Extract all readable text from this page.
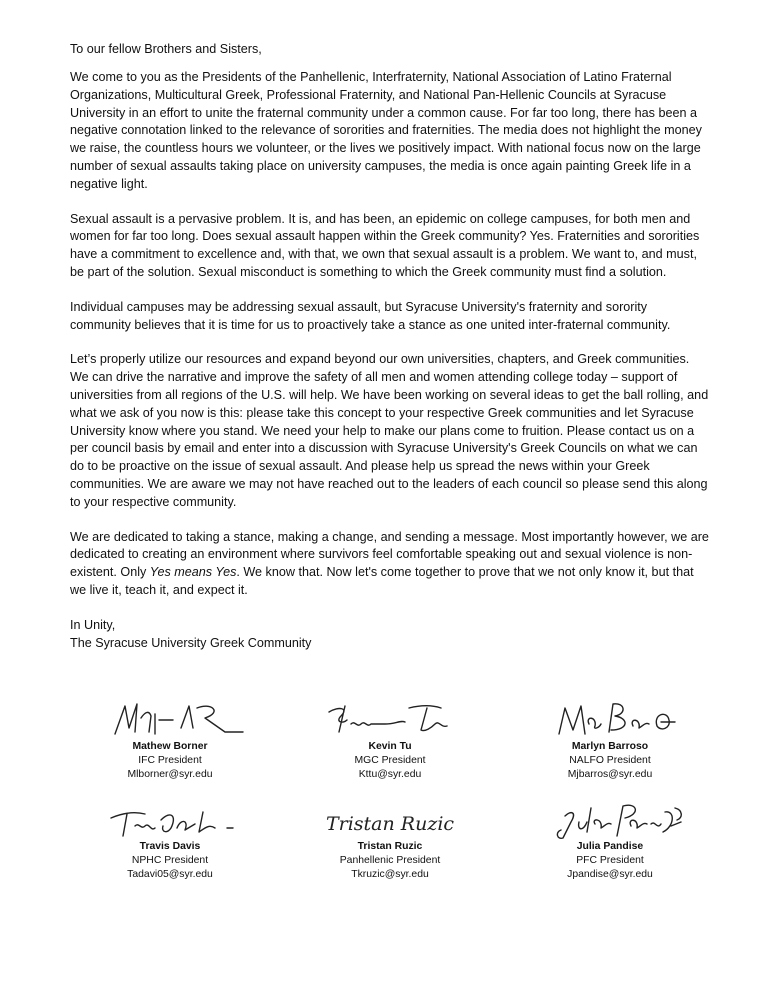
To our fellow Brothers and Sisters,

We come to you as the Presidents of the Panhellenic, Interfraternity, National Association of Latino Fraternal Organizations, Multicultural Greek, Professional Fraternity, and National Pan-Hellenic Councils at Syracuse University in an effort to unite the fraternal community under a common cause. For far too long, there has been a negative connotation linked to the relevance of sororities and fraternities. The media does not highlight the money we raise, the countless hours we volunteer, or the lives we positively impact. With national focus now on the large number of sexual assaults taking place on university campuses, the media is once again painting Greek life in a negative light.

Sexual assault is a pervasive problem. It is, and has been, an epidemic on college campuses, for both men and women for far too long. Does sexual assault happen within the Greek community? Yes. Fraternities and sororities have a commitment to excellence and, with that, we own that sexual assault is a problem. We want to, and must, be part of the solution. Sexual misconduct is something to which the Greek community must find a solution.

Individual campuses may be addressing sexual assault, but Syracuse University's fraternity and sorority community believes that it is time for us to proactively take a stance as one united inter-fraternal community.

Let’s properly utilize our resources and expand beyond our own universities, chapters, and Greek communities. We can drive the narrative and improve the safety of all men and women attending college today – support of universities from all regions of the U.S. will help. We have been working on several ideas to get the ball rolling, and what we ask of you now is this: please take this concept to your respective Greek communities and let Syracuse University know where you stand. We need your help to make our plans come to fruition. Please contact us on a per council basis by email and enter into a discussion with Syracuse University's Greek Councils on what we can do to be proactive on the issue of sexual assault. And please help us spread the news within your Greek communities. We are aware we may not have reached out to the leaders of each council so please send this along to your respective community.

We are dedicated to taking a stance, making a change, and sending a message. Most importantly however, we are dedicated to creating an environment where survivors feel comfortable speaking out and sexual violence is non-existent. Only Yes means Yes. We know that. Now let's come together to prove that we not only know it, but that we live it, teach it, and expect it.

In Unity,

The Syracuse University Greek Community

Mathew Borner
IFC President
Mlborner@syr.edu
Kevin Tu
MGC President
Kttu@syr.edu
Marlyn Barroso
NALFO President
Mjbarros@syr.edu
Travis Davis
NPHC President
Tadavi05@syr.edu
Tristan Ruzic
Tristan Ruzic
Panhellenic President
Tkruzic@syr.edu
Julia Pandise
PFC President
Jpandise@syr.edu
